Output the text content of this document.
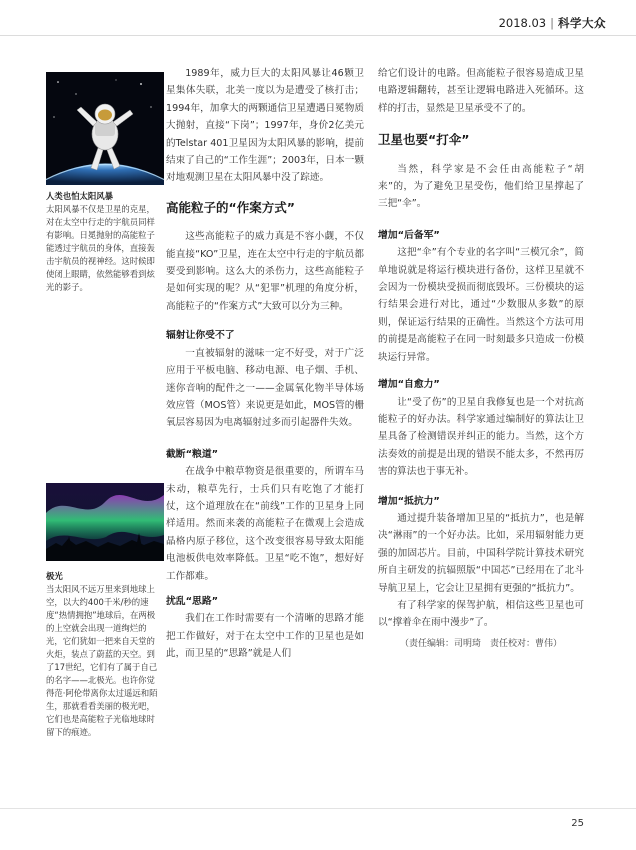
2018.03 | 科学大众
人类也怕太阳风暴
太阳风暴不仅是卫星的克星，对在太空中行走的宇航员同样有影响。日冕抛射的高能粒子能透过宇航员的身体，直接轰击宇航员的视神经。这时候即使闭上眼睛，依然能够看到炫光的影子。
极光
当太阳风不远万里来到地球上空，以大约400千米/秒的速度“热情拥抱”地球后，在两极的上空就会出现一道绚烂的光，它们犹如一把来自天堂的火炬，装点了蔚蓝的天空。到了17世纪，它们有了属于自己的名字——北极光。也许你觉得范·阿伦带离你太过遥远和陌生，那就看看美丽的极光吧，它们也是高能粒子光临地球时留下的痕迹。

1989年，威力巨大的太阳风暴让46颗卫星集体失联，北美一度以为是遭受了核打击；1994年，加拿大的两颗通信卫星遭遇日冕物质大抛射，直接“下岗”；1997年，身价2亿美元的Telstar 401卫星因为太阳风暴的影响，提前结束了自己的“工作生涯”；2003年，日本一颗对地观测卫星在太阳风暴中没了踪迹。

高能粒子的“作案方式”

这些高能粒子的威力真是不容小觑，不仅能直接“KO”卫星，连在太空中行走的宇航员都要受到影响。这么大的杀伤力，这些高能粒子是如何实现的呢？从“犯罪”机理的角度分析，高能粒子的“作案方式”大致可以分为三种。

辐射让你受不了

一直被辐射的滋味一定不好受，对于广泛应用于平板电脑、移动电源、电子烟、手机、迷你音响的配件之一——金属氧化物半导体场效应管（MOS管）来说更是如此，MOS管的栅氧层容易因为电离辐射过多而引起器件失效。

截断“粮道”

在战争中粮草物资是很重要的，所谓车马未动，粮草先行，士兵们只有吃饱了才能打仗，这个道理放在在“前线”工作的卫星身上同样适用。然而来袭的高能粒子在微观上会造成晶格内原子移位，这个改变很容易导致太阳能电池板供电效率降低。卫星“吃不饱”，想好好工作都难。

扰乱“思路”

我们在工作时需要有一个清晰的思路才能把工作做好，对于在太空中工作的卫星也是如此，而卫星的“思路”就是人们

给它们设计的电路。但高能粒子很容易造成卫星电路逻辑翻转，甚至让逻辑电路进入死循环。这样的打击，显然是卫星承受不了的。

卫星也要“打伞”

当然，科学家是不会任由高能粒子“胡来”的，为了避免卫星受伤，他们给卫星撑起了三把“伞”。

增加“后备军”

这把“伞”有个专业的名字叫“三模冗余”，简单地说就是将运行模块进行备份，这样卫星就不会因为一份模块受损而彻底毁坏。三份模块的运行结果会进行对比，通过“少数服从多数”的原则，保证运行结果的正确性。当然这个方法可用的前提是高能粒子在同一时刻最多只造成一份模块运行异常。

增加“自愈力”

让“受了伤”的卫星自我修复也是一个对抗高能粒子的好办法。科学家通过编制好的算法让卫星具备了检测错误并纠正的能力。当然，这个方法奏效的前提是出现的错误不能太多，不然再厉害的算法也于事无补。

增加“抵抗力”

通过提升装备增加卫星的“抵抗力”，也是解决“淋雨”的一个好办法。比如，采用辐射能力更强的加固芯片。目前，中国科学院计算技术研究所自主研发的抗辐照版“中国芯”已经用在了北斗导航卫星上，它会让卫星拥有更强的“抵抗力”。

有了科学家的保驾护航，相信这些卫星也可以“撑着伞在雨中漫步”了。

（责任编辑：司明琦　责任校对：曹伟）

25
